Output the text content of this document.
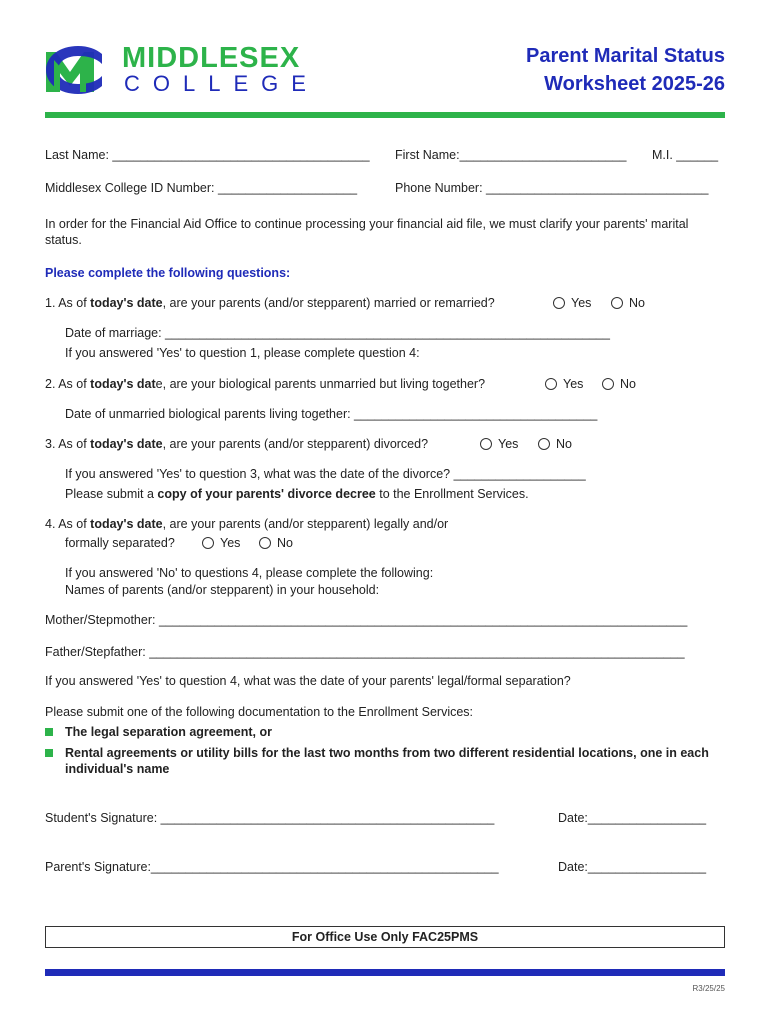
MIDDLESEX
COLLEGE
Parent Marital Status
Worksheet 2025-26
Last Name: _____________________________________ First Name:________________________ M.I. ______
Middlesex College ID Number: ____________________	Phone Number: ________________________________
In order for the Financial Aid Office to continue processing your financial aid file, we must clarify your parents' marital status.
Please complete the following questions:
1. As of today's date, are your parents (and/or stepparent) married or remarried?	Yes	No
Date of marriage: ________________________________________________________________
If you answered 'Yes' to question 1, please complete question 4:
2. As of today's date, are your biological parents unmarried but living together?	Yes	No
Date of unmarried biological parents living together: ___________________________________
3. As of today's date, are your parents (and/or stepparent) divorced?	Yes	No
If you answered 'Yes' to question 3, what was the date of the divorce? ___________________
Please submit a copy of your parents' divorce decree to the Enrollment Services.
4. As of today's date, are your parents (and/or stepparent) legally and/or
formally separated?	Yes	No
If you answered 'No' to questions 4, please complete the following:
Names of parents (and/or stepparent) in your household:
Mother/Stepmother: ____________________________________________________________________________
Father/Stepfather: _____________________________________________________________________________
If you answered 'Yes' to question 4, what was the date of your parents' legal/formal separation?
Please submit one of the following documentation to the Enrollment Services:
The legal separation agreement, or
Rental agreements or utility bills for the last two months from two different residential locations, one in each individual's name
Student's Signature: ________________________________________________	Date:_________________
Parent's Signature:__________________________________________________	Date:_________________
For Office Use Only FAC25PMS
R3/25/25
